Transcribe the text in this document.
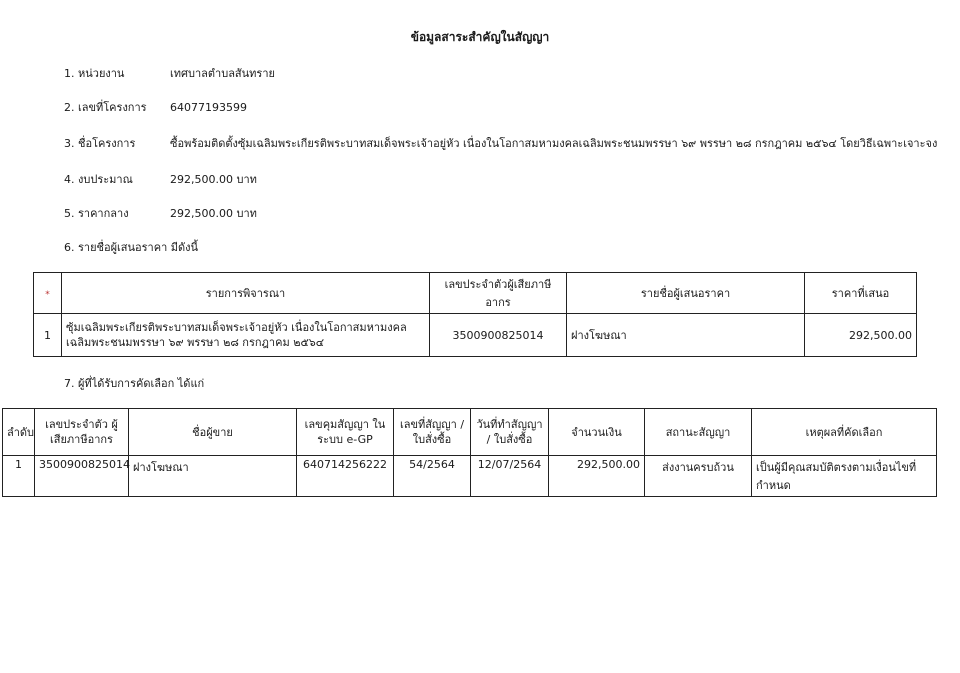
ข้อมูลสาระสำคัญในสัญญา
1. หน่วยงาน	เทศบาลตำบลสันทราย
2. เลขที่โครงการ 64077193599
3. ชื่อโครงการ	ซื้อพร้อมติดตั้งซุ้มเฉลิมพระเกียรติพระบาทสมเด็จพระเจ้าอยู่หัว เนื่องในโอกาสมหามงคลเฉลิมพระชนมพรรษา ๖๙ พรรษา ๒๘ กรกฎาคม ๒๕๖๔ โดยวิธีเฉพาะเจาะจง
4. งบประมาณ	292,500.00 บาท
5. ราคากลาง	292,500.00 บาท
6. รายชื่อผู้เสนอราคา มีดังนี้
*	รายการพิจารณา	เลขประจำตัวผู้เสียภาษีอากร	รายชื่อผู้เสนอราคา	ราคาที่เสนอ
1	ซุ้มเฉลิมพระเกียรติพระบาทสมเด็จพระเจ้าอยู่หัว เนื่องในโอกาสมหามงคลเฉลิมพระชนมพรรษา ๖๙ พรรษา ๒๘ กรกฎาคม ๒๕๖๔	3500900825014	ฝางโฆษณา	292,500.00
7. ผู้ที่ได้รับการคัดเลือก ได้แก่
ลำดับ	เลขประจำตัว ผู้เสียภาษีอากร	ชื่อผู้ขาย	เลขคุมสัญญา ในระบบ e-GP	เลขที่สัญญา / ใบสั่งซื้อ	วันที่ทำสัญญา / ใบสั่งซื้อ	จำนวนเงิน	สถานะสัญญา	เหตุผลที่คัดเลือก
1	3500900825014	ฝางโฆษณา	640714256222	54/2564	12/07/2564	292,500.00	ส่งงานครบถ้วน	เป็นผู้มีคุณสมบัติตรงตามเงื่อนไขที่กำหนด
